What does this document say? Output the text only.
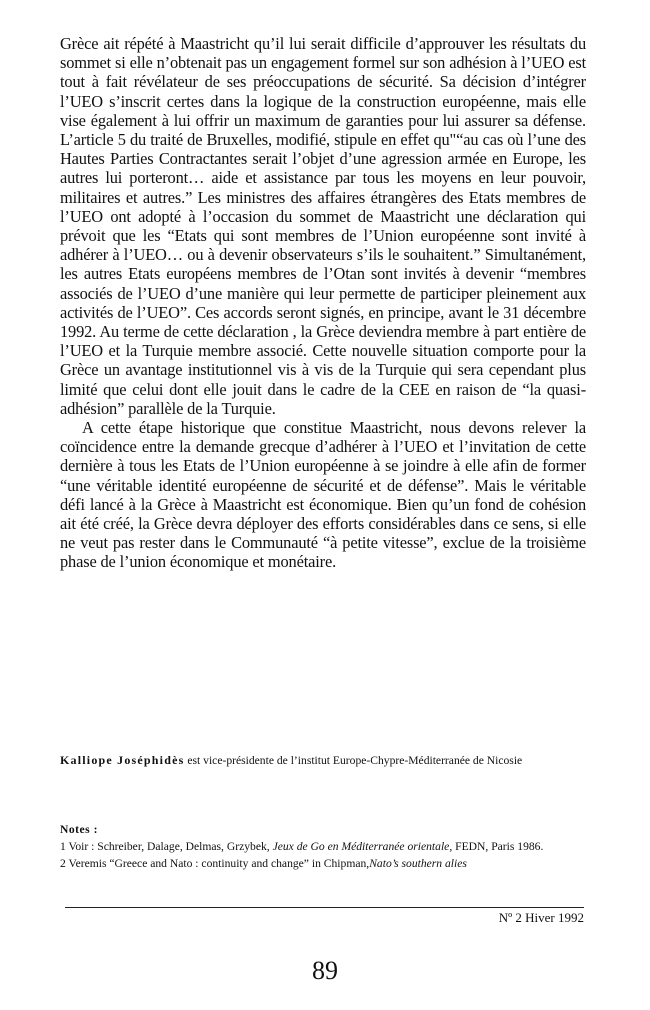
Grèce ait répété à Maastricht qu’il lui serait difficile d’approuver les résultats du sommet si elle n’obtenait pas un engagement formel sur son adhésion à l’UEO est tout à fait révélateur de ses préoccupations de sécurité. Sa décision d’intégrer l’UEO s’inscrit certes dans la logique de la construction européenne, mais elle vise également à lui offrir un maximum de garanties pour lui assurer sa défense. L’article 5 du traité de Bruxelles, modifié, stipule en effet qu"“au cas où l’une des Hautes Parties Contractantes serait l’objet d’une agression armée en Europe, les autres lui porteront… aide et assistance par tous les moyens en leur pouvoir, militaires et autres.” Les ministres des affaires étrangères des Etats membres de l’UEO ont adopté à l’occasion du sommet de Maastricht une déclaration qui prévoit que les “Etats qui sont membres de l’Union européenne sont invité à adhérer à l’UEO… ou à devenir observateurs s’ils le souhaitent.” Simultanément, les autres Etats européens membres de l’Otan sont invités à devenir “membres associés de l’UEO d’une manière qui leur permette de participer pleinement aux activités de l’UEO”. Ces accords seront signés, en principe, avant le 31 décembre 1992. Au terme de cette déclaration , la Grèce deviendra membre à part entière de l’UEO et la Turquie membre associé. Cette nouvelle situation comporte pour la Grèce un avantage institutionnel vis à vis de la Turquie qui sera cependant plus limité que celui dont elle jouit dans le cadre de la CEE en raison de “la quasi-adhésion” parallèle de la Turquie.

A cette étape historique que constitue Maastricht, nous devons relever la coïncidence entre la demande grecque d’adhérer à l’UEO et l’invitation de cette dernière à tous les Etats de l’Union européenne à se joindre à elle afin de former “une véritable identité européenne de sécurité et de défense”. Mais le véritable défi lancé à la Grèce à Maastricht est économique. Bien qu’un fond de cohésion ait été créé, la Grèce devra déployer des efforts considérables dans ce sens, si elle ne veut pas rester dans le Communauté “à petite vitesse”, exclue de la troisième phase de l’union économique et monétaire.

Kalliope Joséphidès est vice-présidente de l’institut Europe-Chypre-Méditerranée de Nicosie

Notes :

1 Voir : Schreiber, Dalage, Delmas, Grzybek, Jeux de Go en Méditerranée orientale, FEDN, Paris 1986.

2 Veremis “Greece and Nato : continuity and change” in Chipman,Nato’s southern alies

Nº 2 Hiver 1992
89
